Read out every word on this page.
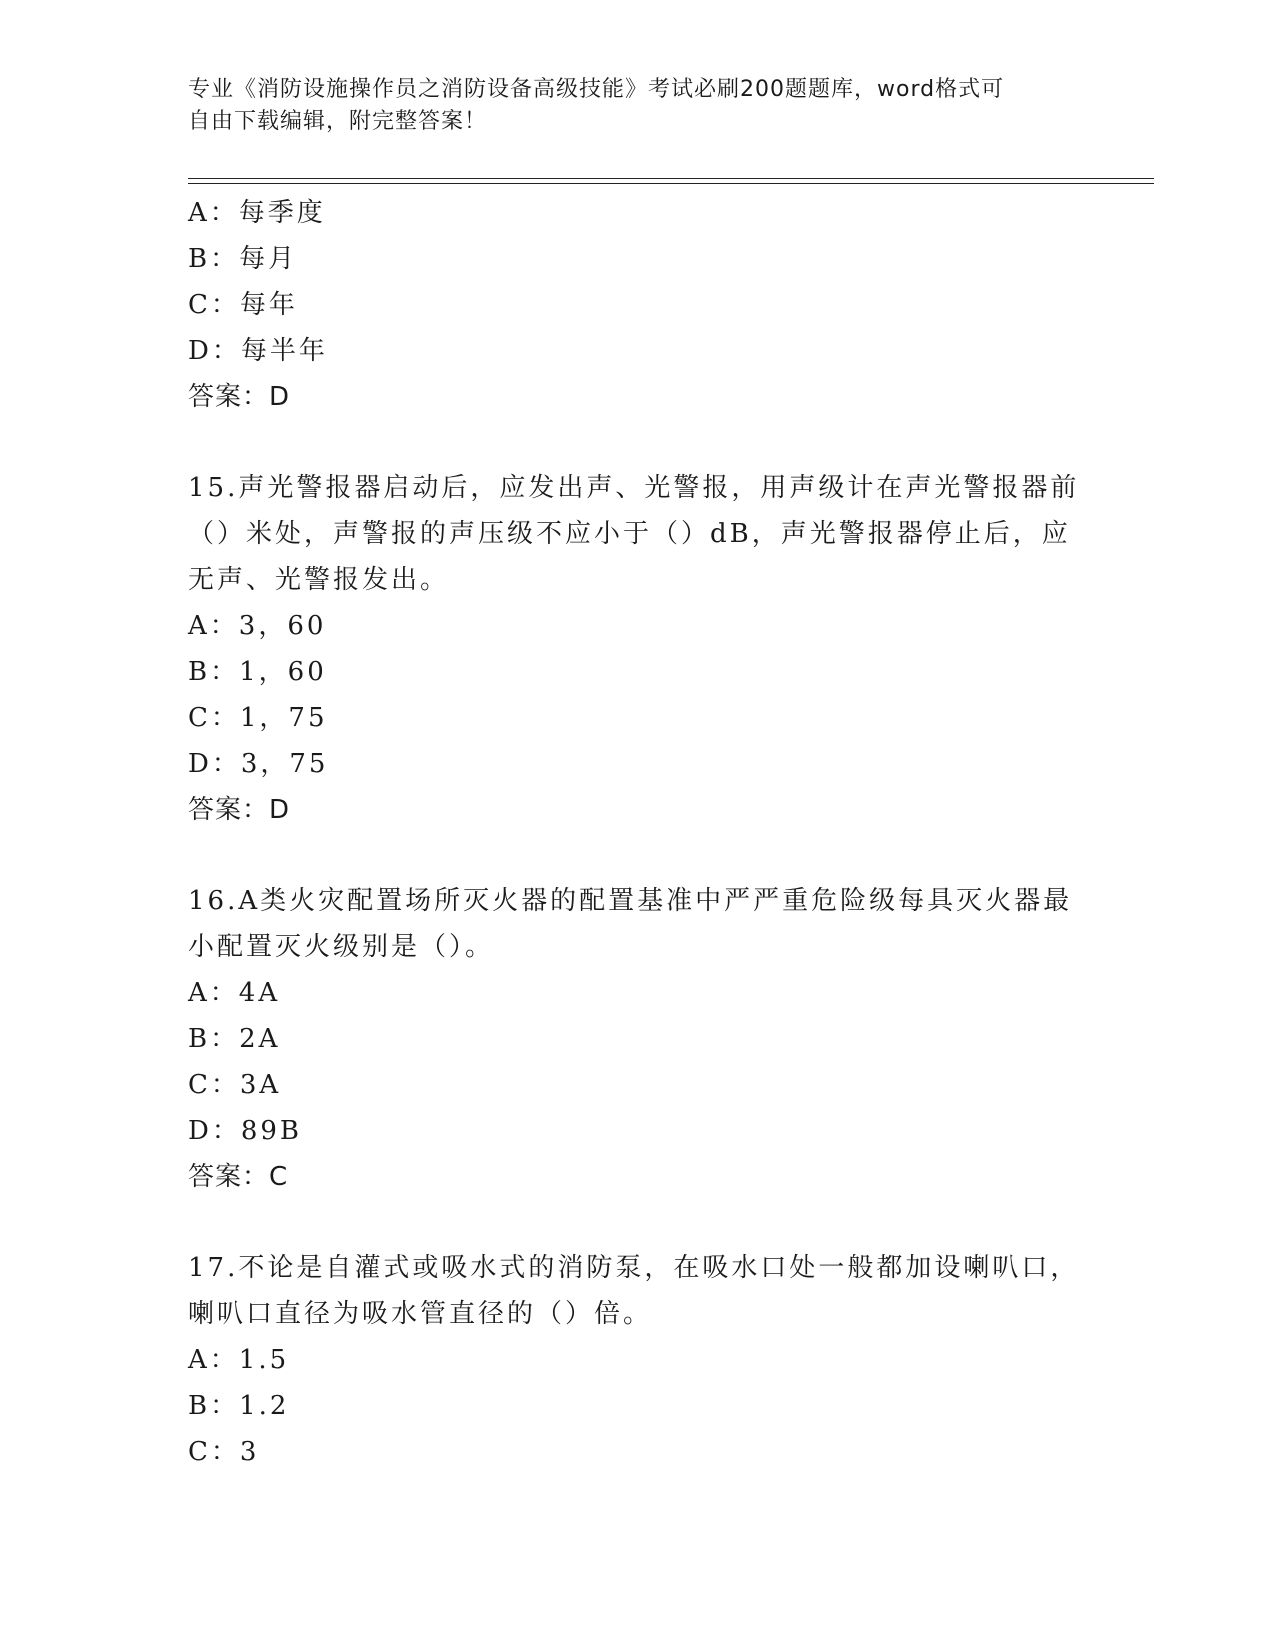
专业《消防设施操作员之消防设备高级技能》考试必刷200题题库，word格式可
自由下载编辑，附完整答案！
A：每季度
B：每月
C：每年
D：每半年
答案：D
15.声光警报器启动后，应发出声、光警报，用声级计在声光警报器前
（）米处，声警报的声压级不应小于（）dB，声光警报器停止后，应
无声、光警报发出。
A：3，60
B：1，60
C：1，75
D：3，75
答案：D
16.A类火灾配置场所灭火器的配置基准中严严重危险级每具灭火器最
小配置灭火级别是（）。
A：4A
B：2A
C：3A
D：89B
答案：C
17.不论是自灌式或吸水式的消防泵，在吸水口处一般都加设喇叭口，
喇叭口直径为吸水管直径的（）倍。
A：1.5
B：1.2
C：3
